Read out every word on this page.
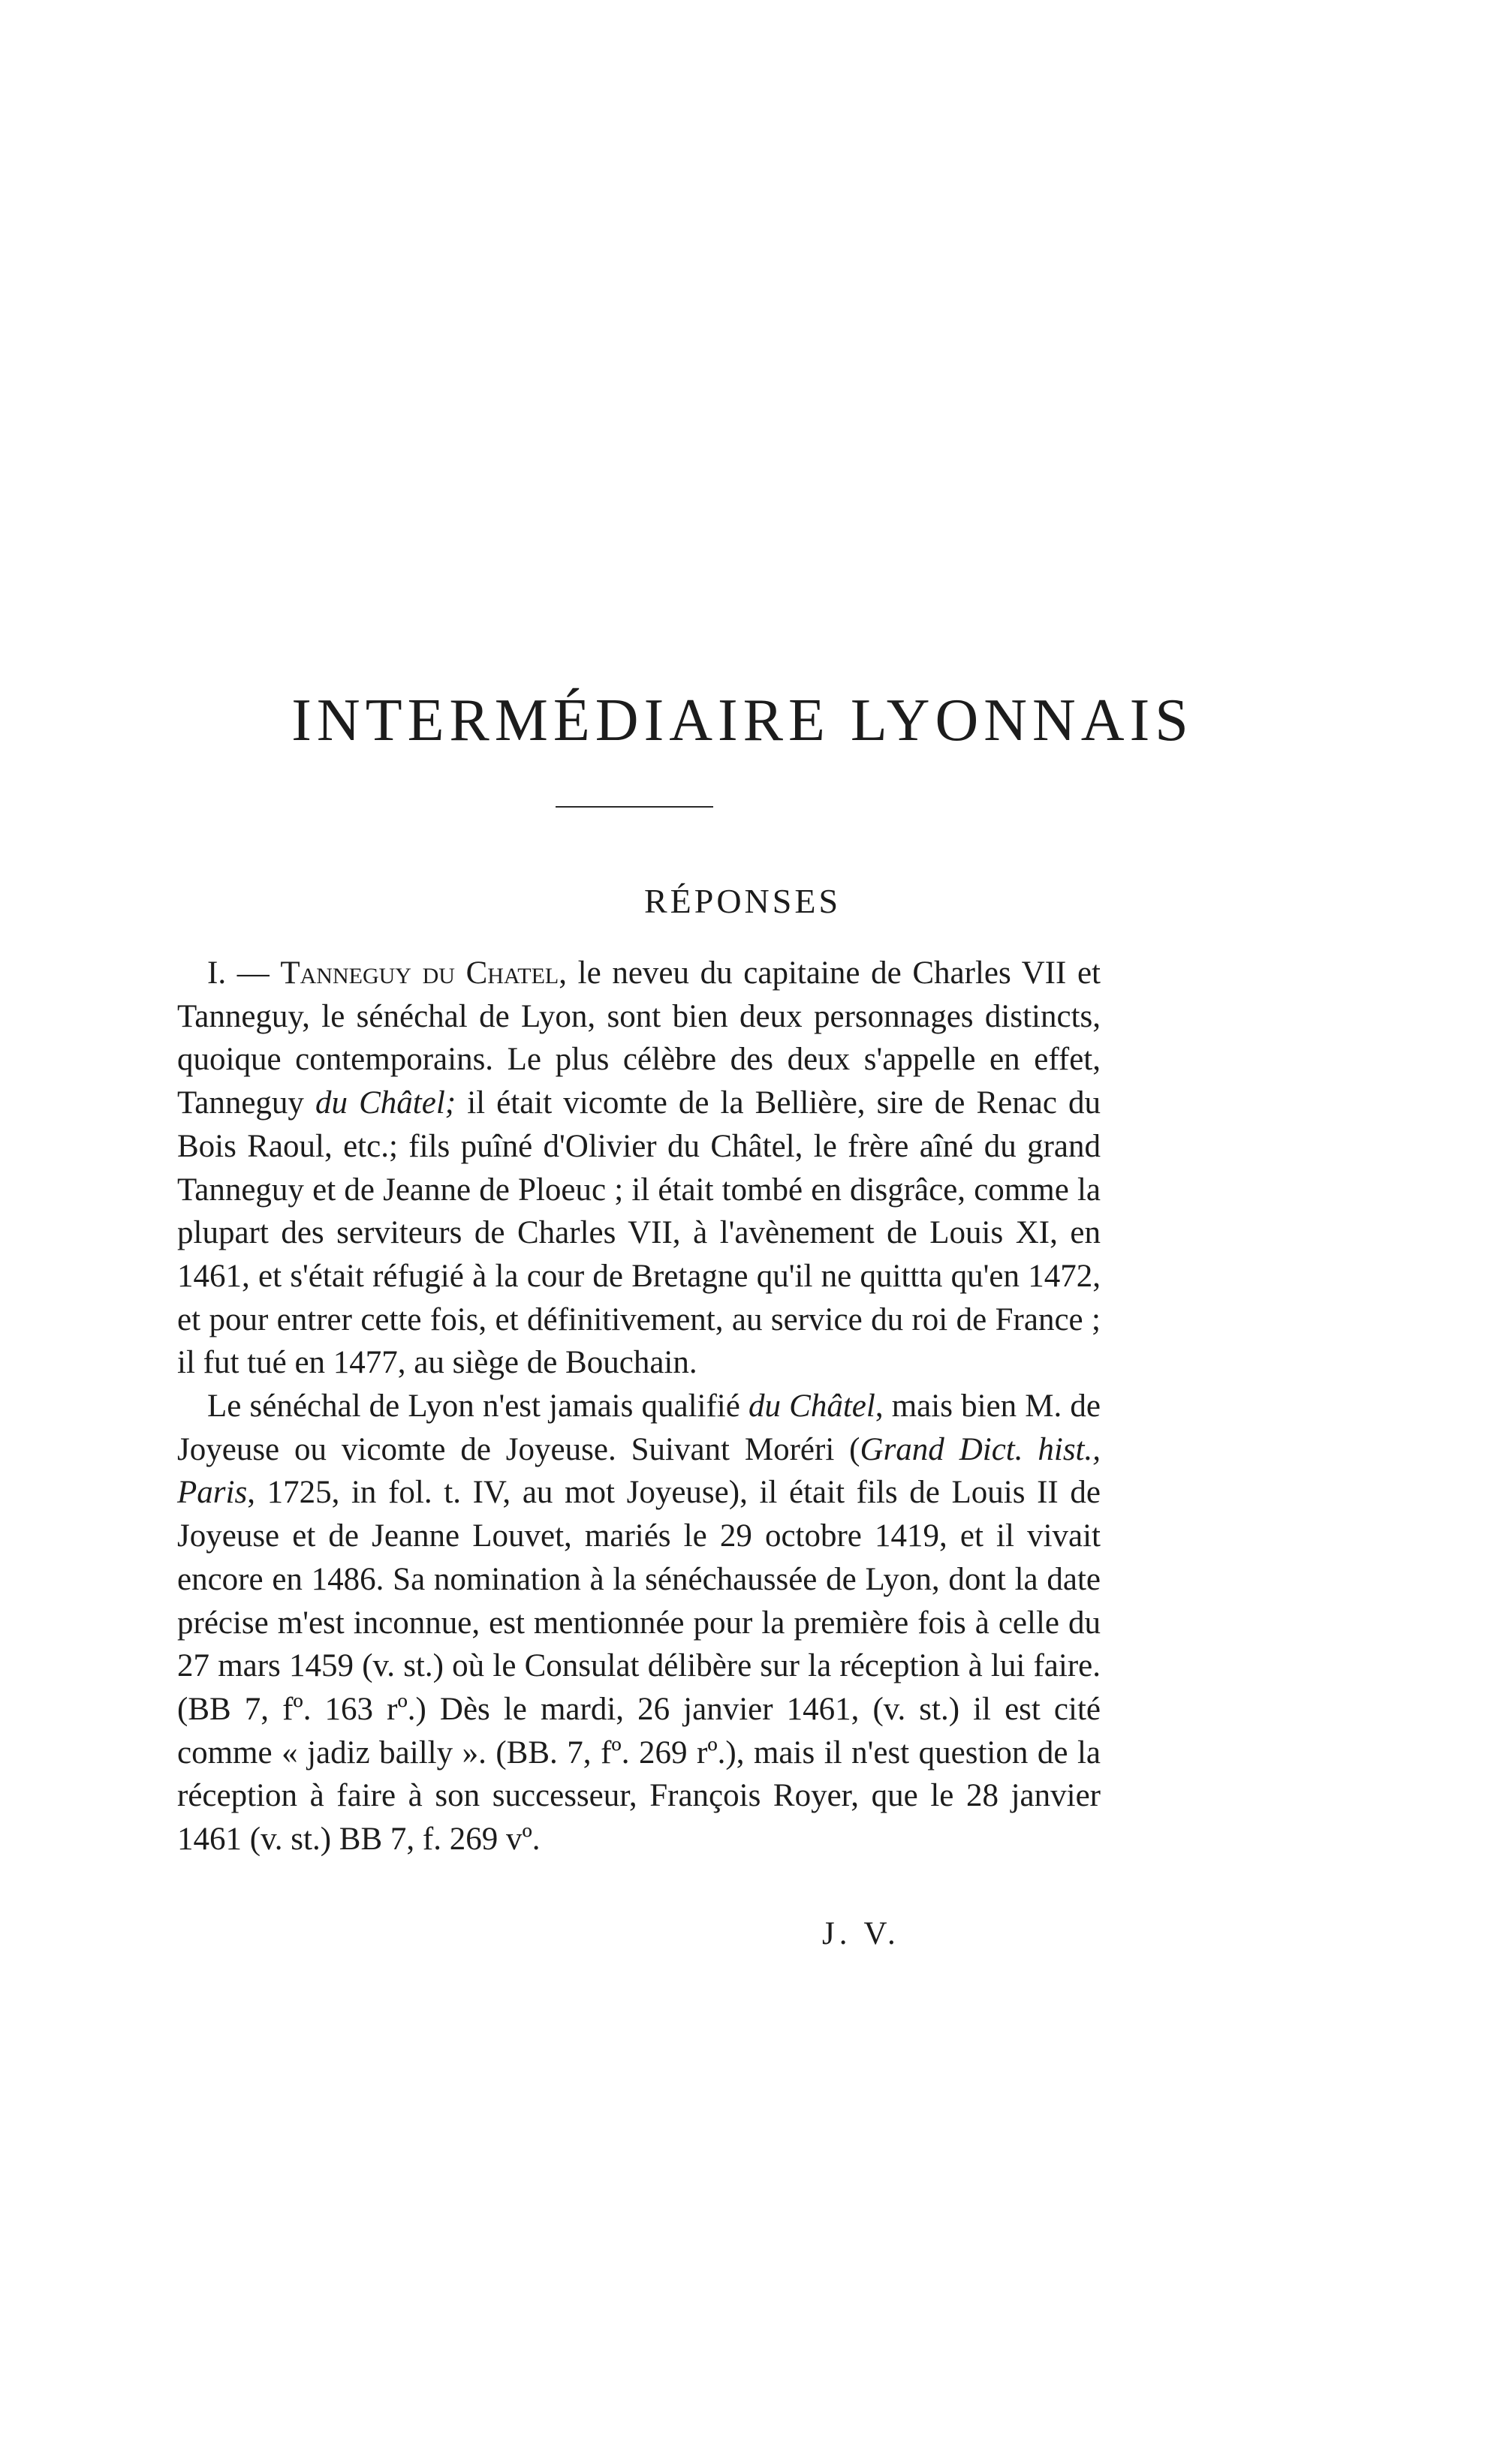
INTERMÉDIAIRE LYONNAIS
RÉPONSES

I. — Tanneguy du Chatel, le neveu du capitaine de Charles VII et Tanneguy, le sénéchal de Lyon, sont bien deux personnages distincts, quoique contemporains. Le plus célèbre des deux s'appelle en effet, Tanneguy du Châtel; il était vicomte de la Bellière, sire de Renac du Bois Raoul, etc.; fils puîné d'Olivier du Châtel, le frère aîné du grand Tanneguy et de Jeanne de Ploeuc ; il était tombé en disgrâce, comme la plupart des serviteurs de Charles VII, à l'avènement de Louis XI, en 1461, et s'était réfugié à la cour de Bretagne qu'il ne quittta qu'en 1472, et pour entrer cette fois, et définitivement, au service du roi de France ; il fut tué en 1477, au siège de Bouchain.

Le sénéchal de Lyon n'est jamais qualifié du Châtel, mais bien M. de Joyeuse ou vicomte de Joyeuse. Suivant Moréri (Grand Dict. hist., Paris, 1725, in fol. t. IV, au mot Joyeuse), il était fils de Louis II de Joyeuse et de Jeanne Louvet, mariés le 29 octobre 1419, et il vivait encore en 1486. Sa nomination à la sénéchaussée de Lyon, dont la date précise m'est inconnue, est mentionnée pour la première fois à celle du 27 mars 1459 (v. st.) où le Consulat délibère sur la réception à lui faire. (BB 7, fº. 163 rº.) Dès le mardi, 26 janvier 1461, (v. st.) il est cité comme « jadiz bailly ». (BB. 7, fº. 269 rº.), mais il n'est question de la réception à faire à son successeur, François Royer, que le 28 janvier 1461 (v. st.) BB 7, f. 269 vº.

J. V.
